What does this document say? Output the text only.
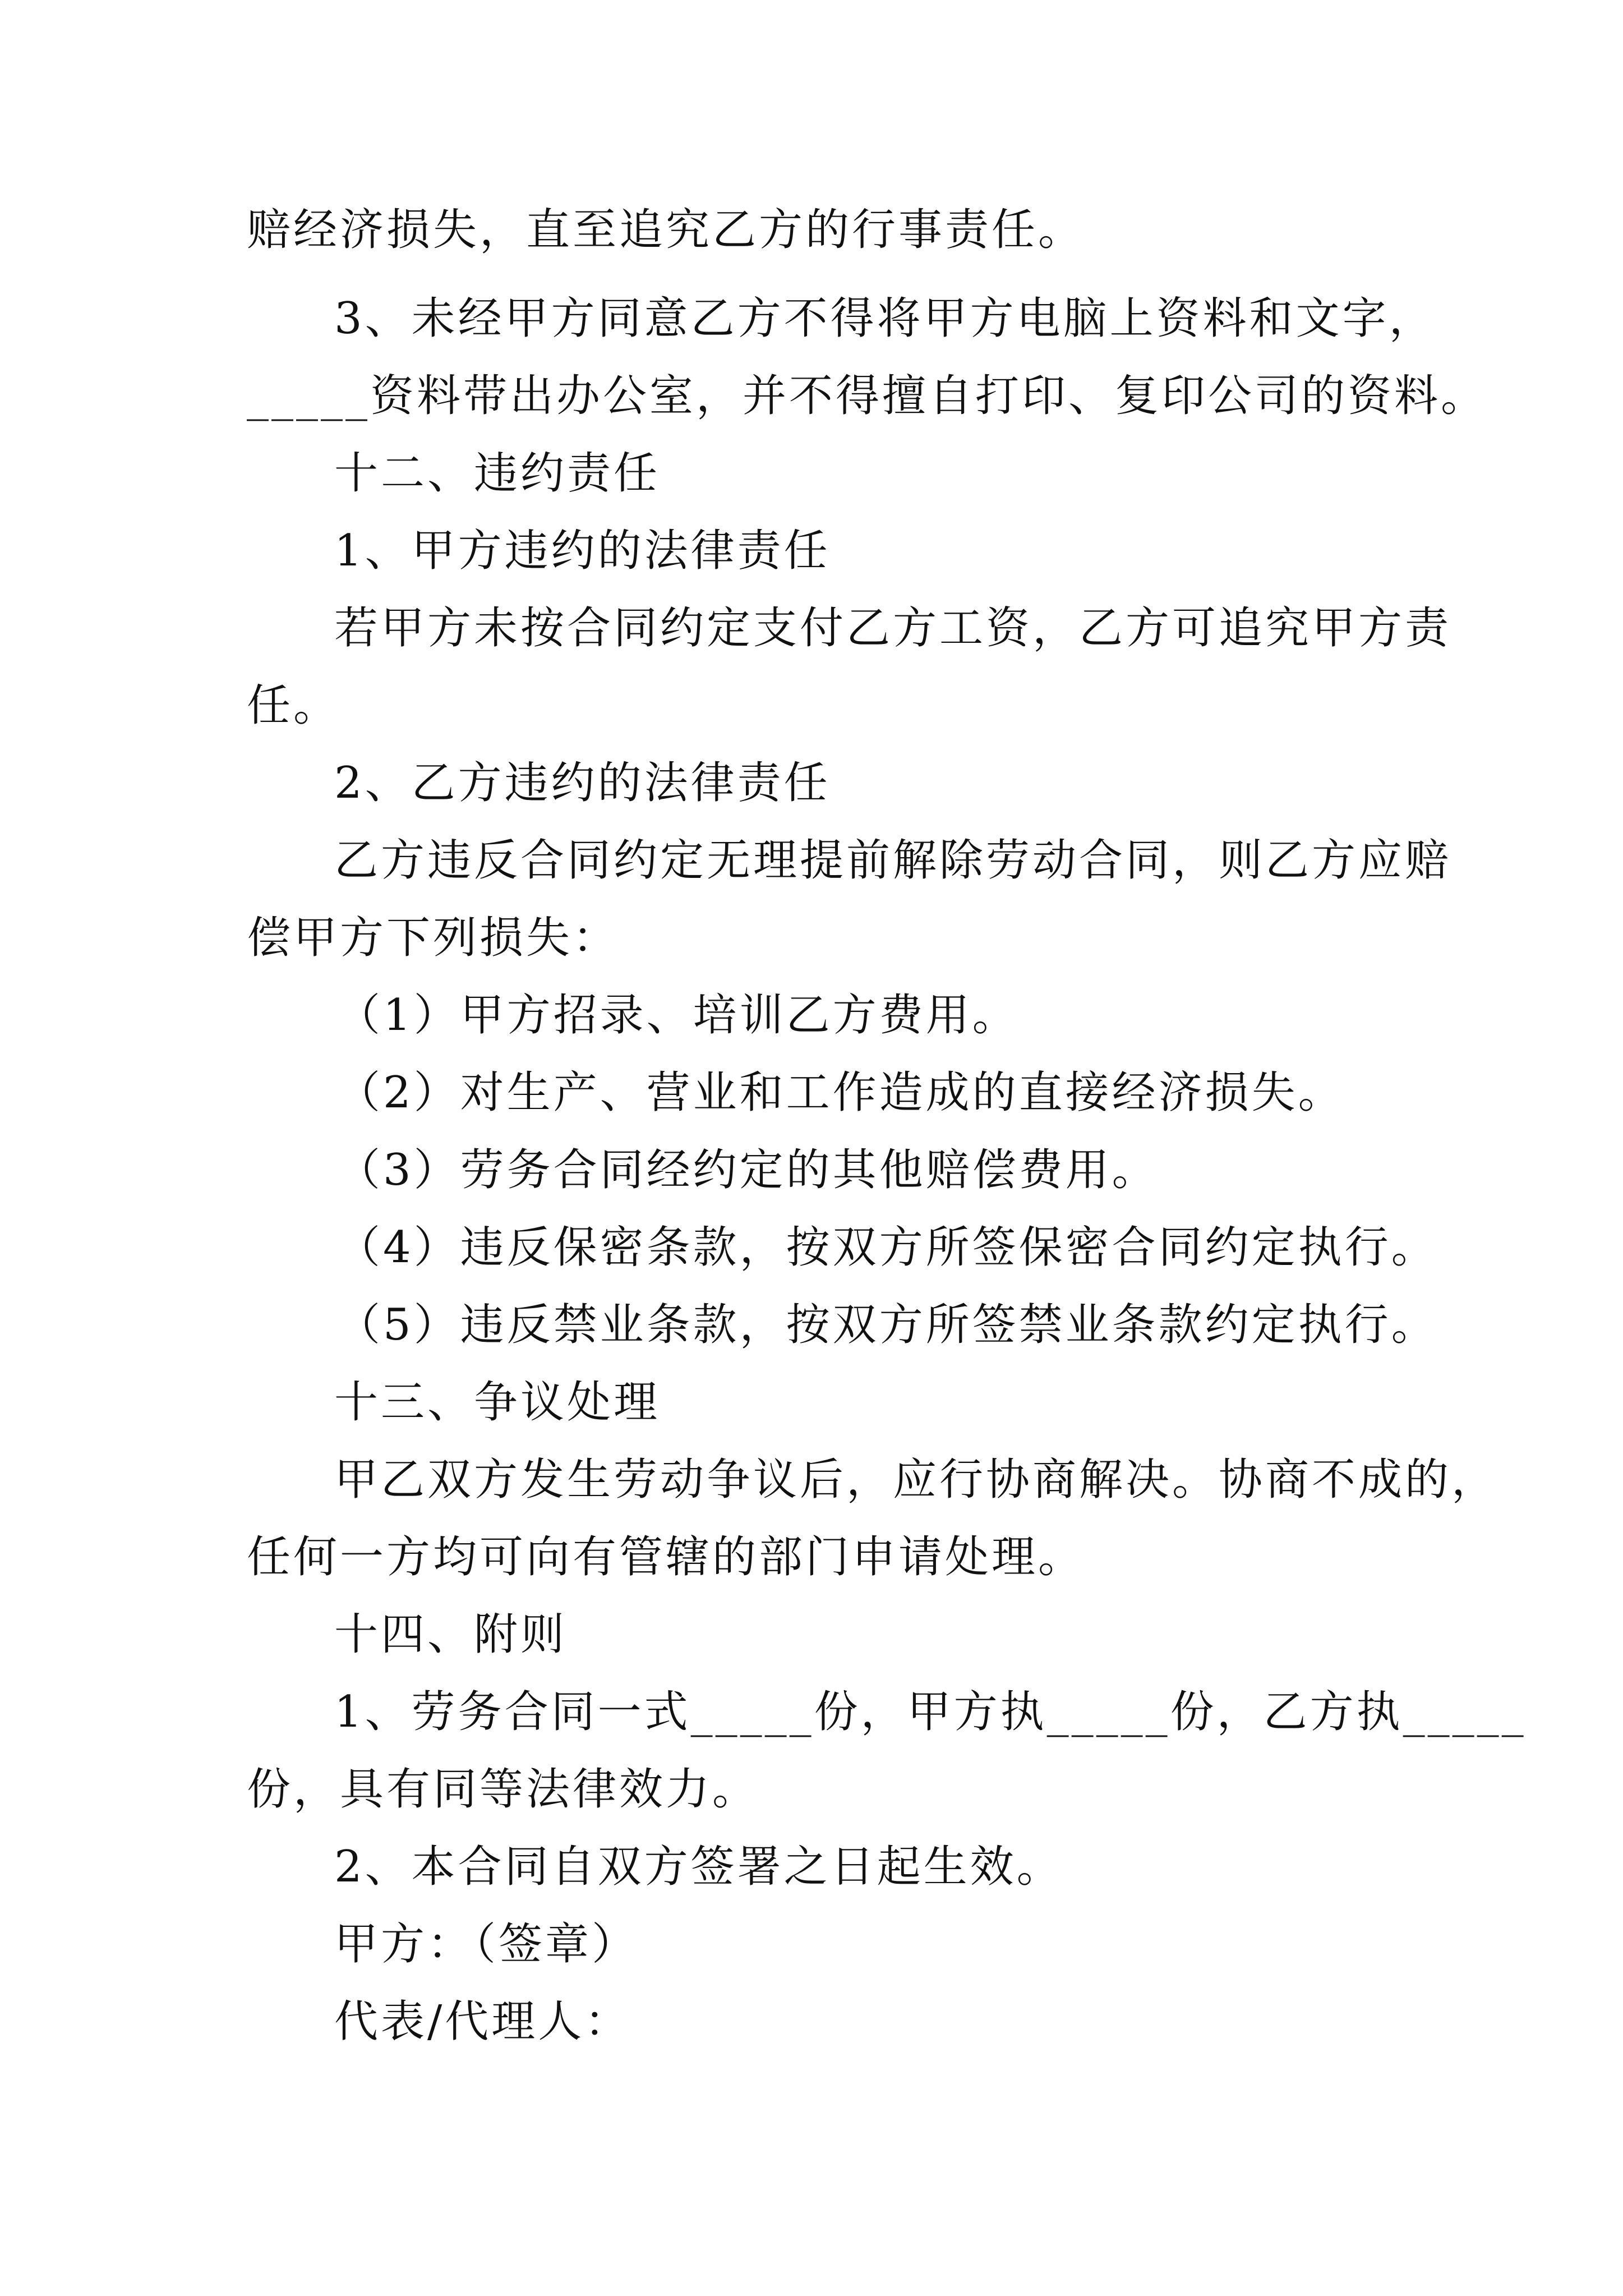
赔经济损失，直至追究乙方的行事责任。

3、未经甲方同意乙方不得将甲方电脑上资料和文字，

_____资料带出办公室，并不得擅自打印、复印公司的资料。

十二、违约责任

1、甲方违约的法律责任

若甲方未按合同约定支付乙方工资，乙方可追究甲方责

任。

2、乙方违约的法律责任

乙方违反合同约定无理提前解除劳动合同，则乙方应赔

偿甲方下列损失：

（1）甲方招录、培训乙方费用。

（2）对生产、营业和工作造成的直接经济损失。

（3）劳务合同经约定的其他赔偿费用。

（4）违反保密条款，按双方所签保密合同约定执行。

（5）违反禁业条款，按双方所签禁业条款约定执行。

十三、争议处理

甲乙双方发生劳动争议后，应行协商解决。协商不成的，

任何一方均可向有管辖的部门申请处理。

十四、附则

1、劳务合同一式_____份，甲方执_____份，乙方执_____

份，具有同等法律效力。

2、本合同自双方签署之日起生效。

甲方：（签章）

代表/代理人：
